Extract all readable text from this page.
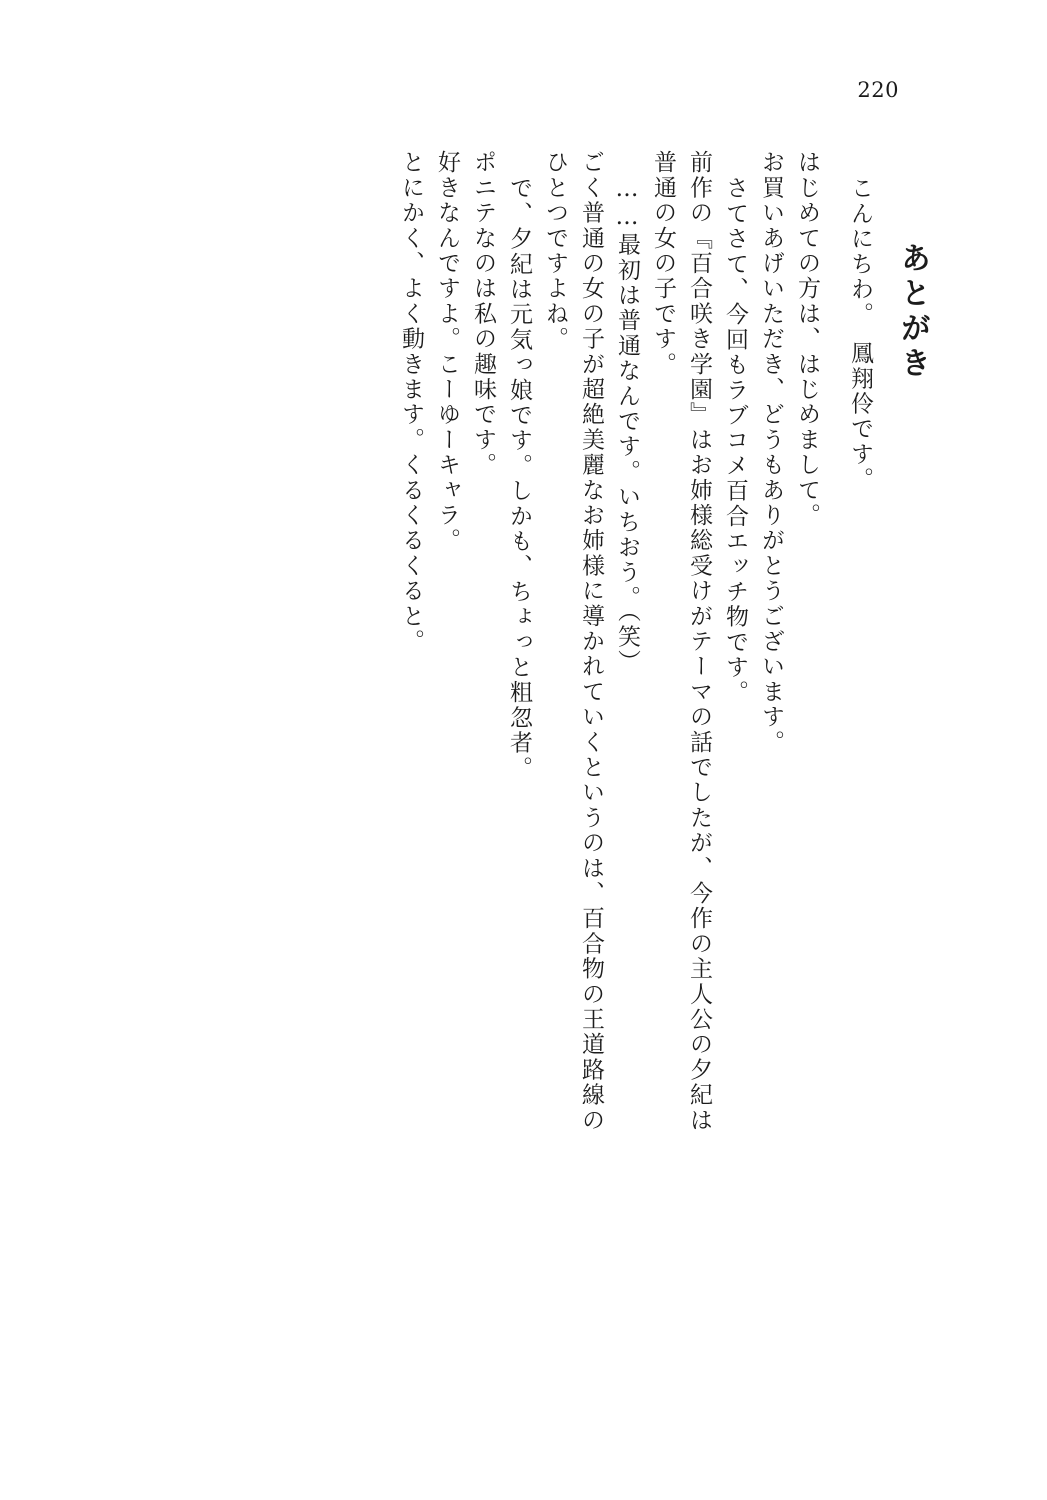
220
あとがき
こんにちわ。　鳳翔伶です。
はじめての方は、はじめまして。
お買いあげいただき、どうもありがとうございます。
さてさて、今回もラブコメ百合エッチ物です。
前作の『百合咲き学園』はお姉様総受けがテーマの話でしたが、今作の主人公の夕紀は
普通の女の子です。
……最初は普通なんです。いちおう。（笑）
ごく普通の女の子が超絶美麗なお姉様に導かれていくというのは、百合物の王道路線の
ひとつですよね。
で、夕紀は元気っ娘です。しかも、ちょっと粗忽者。
ポニテなのは私の趣味です。
好きなんですよ。こーゆーキャラ。
とにかく、よく動きます。くるくるくると。
